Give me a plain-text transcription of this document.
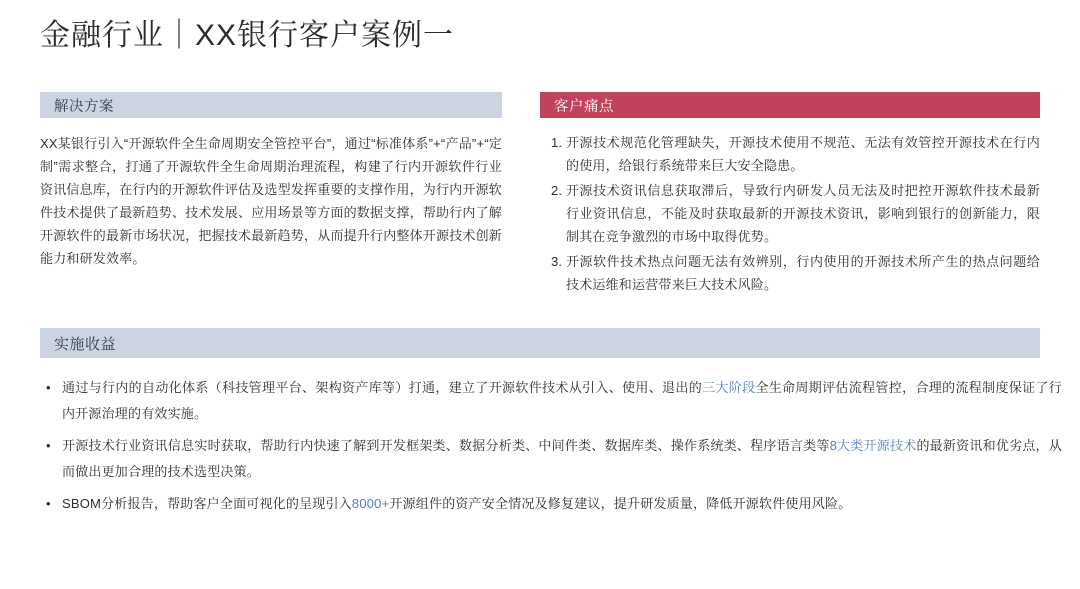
金融行业｜XX银行客户案例一
解决方案
XX某银行引入“开源软件全生命周期安全管控平台”，通过“标准体系”+“产品”+“定制”需求整合，打通了开源软件全生命周期治理流程，构建了行内开源软件行业资讯信息库，在行内的开源软件评估及选型发挥重要的支撑作用，为行内开源软件技术提供了最新趋势、技术发展、应用场景等方面的数据支撑，帮助行内了解开源软件的最新市场状况，把握技术最新趋势，从而提升行内整体开源技术创新能力和研发效率。
客户痛点
1. 开源技术规范化管理缺失，开源技术使用不规范、无法有效管控开源技术在行内的使用，给银行系统带来巨大安全隐患。
2. 开源技术资讯信息获取滞后，导致行内研发人员无法及时把控开源软件技术最新行业资讯信息，不能及时获取最新的开源技术资讯，影响到银行的创新能力，限制其在竞争激烈的市场中取得优势。
3. 开源软件技术热点问题无法有效辨别，行内使用的开源技术所产生的热点问题给技术运维和运营带来巨大技术风险。
实施收益
• 通过与行内的自动化体系（科技管理平台、架构资产库等）打通，建立了开源软件技术从引入、使用、退出的三大阶段全生命周期评估流程管控，合理的流程制度保证了行内开源治理的有效实施。
• 开源技术行业资讯信息实时获取，帮助行内快速了解到开发框架类、数据分析类、中间件类、数据库类、操作系统类、程序语言类等8大类开源技术的最新资讯和优劣点，从而做出更加合理的技术选型决策。
• SBOM分析报告，帮助客户全面可视化的呈现引入8000+开源组件的资产安全情况及修复建议，提升研发质量，降低开源软件使用风险。
